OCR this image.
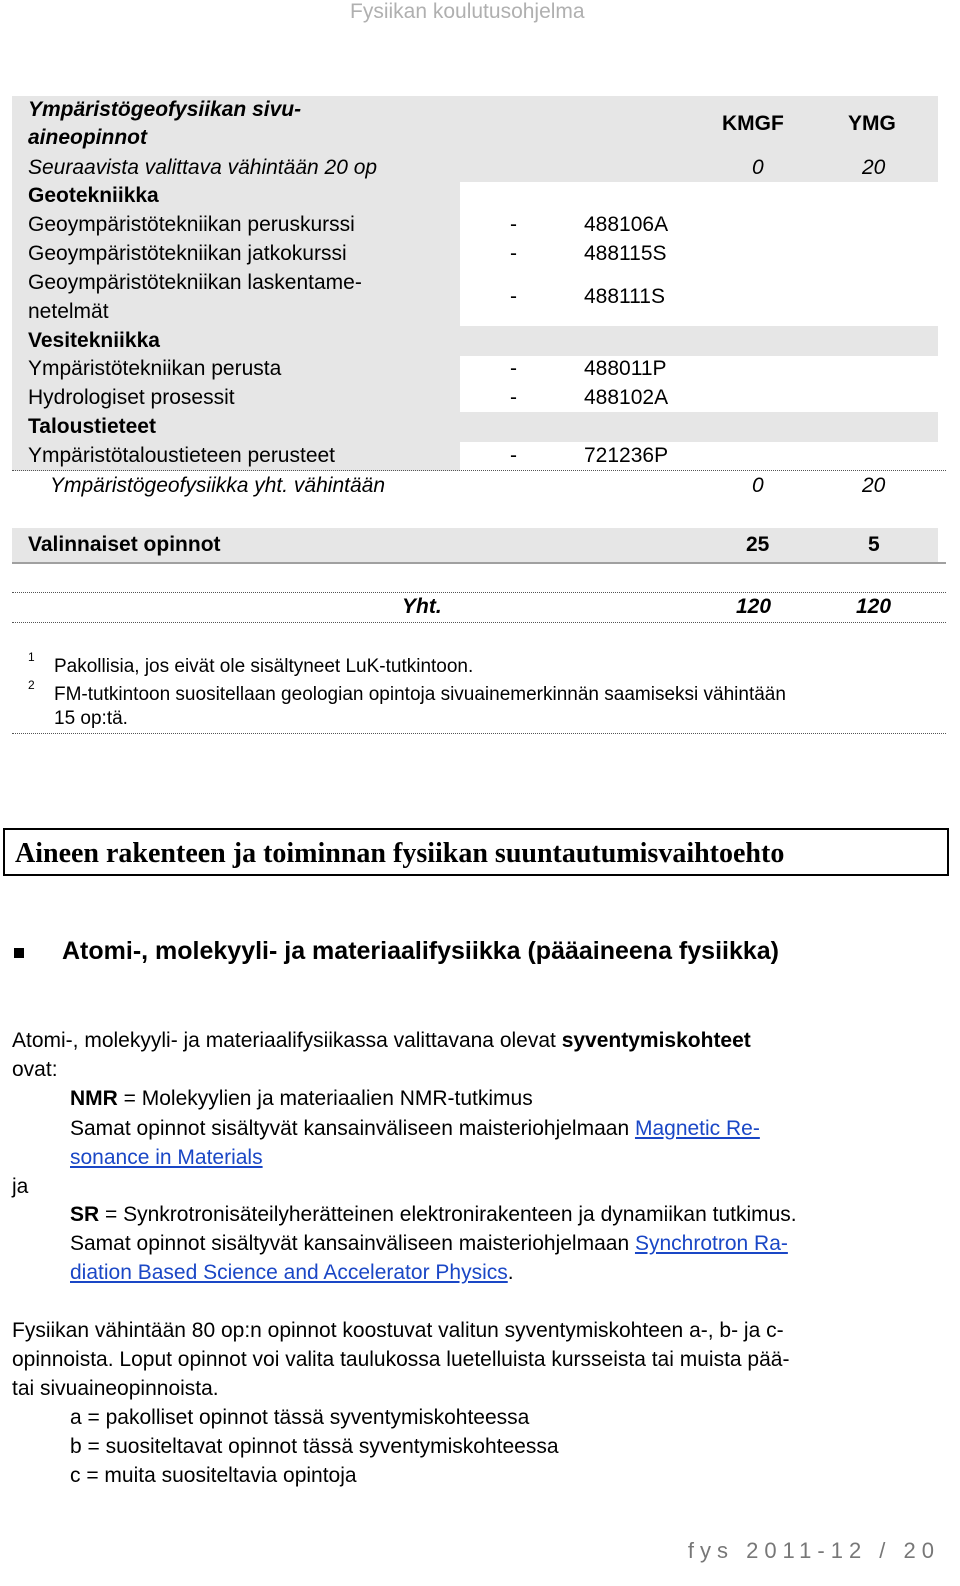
Fysiikan koulutusohjelma
Ympäristögeofysiikan sivu-
aineopinnot
KMGF	YMG
Seuraavista valittava vähintään 20 op	0	20
Geotekniikka
Geoympäristötekniikan peruskurssi	-	488106A
Geoympäristötekniikan jatkokurssi	-	488115S
Geoympäristötekniikan laskentame-
netelmät
-	488111S
Vesitekniikka
Ympäristötekniikan perusta	-	488011P
Hydrologiset prosessit	-	488102A
Taloustieteet
Ympäristötaloustieteen perusteet	-	721236P
Ympäristögeofysiikka yht. vähintään	0	20
Valinnaiset opinnot	25	5
Yht.	120	120
1 Pakollisia, jos eivät ole sisältyneet LuK-tutkintoon.
2 FM-tutkintoon suositellaan geologian opintoja sivuainemerkinnän saamiseksi vähintään
15 op:tä.
Aineen rakenteen ja toiminnan fysiikan suuntautumisvaihtoehto
Atomi-, molekyyli- ja materiaalifysiikka (pääaineena fysiikka)
Atomi-, molekyyli- ja materiaalifysiikassa valittavana olevat syventymiskohteet
ovat:
NMR = Molekyylien ja materiaalien NMR-tutkimus
Samat opinnot sisältyvät kansainväliseen maisteriohjelmaan Magnetic Re-
sonance in Materials
ja
SR = Synkrotronisäteilyherätteinen elektronirakenteen ja dynamiikan tutkimus.
Samat opinnot sisältyvät kansainväliseen maisteriohjelmaan Synchrotron Ra-
diation Based Science and Accelerator Physics.
Fysiikan vähintään 80 op:n opinnot koostuvat valitun syventymiskohteen a-, b- ja c-
opinnoista. Loput opinnot voi valita taulukossa luetelluista kursseista tai muista pää-
tai sivuaineopinnoista.
a = pakolliset opinnot tässä syventymiskohteessa
b = suositeltavat opinnot tässä syventymiskohteessa
c = muita suositeltavia opintoja
fys 2011-12 / 20
